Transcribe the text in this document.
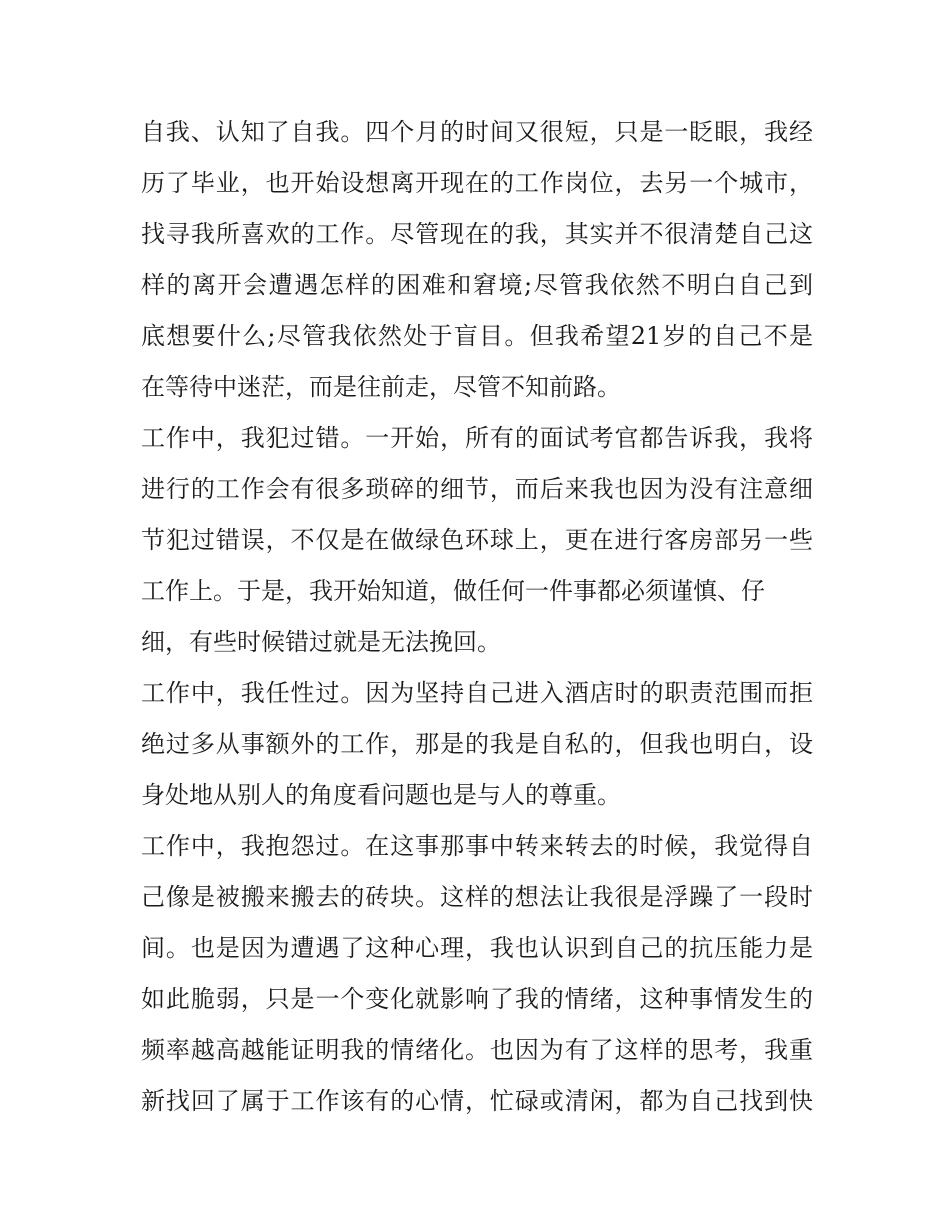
自我、认知了自我。四个月的时间又很短，只是一眨眼，我经
历了毕业，也开始设想离开现在的工作岗位，去另一个城市，
找寻我所喜欢的工作。尽管现在的我，其实并不很清楚自己这
样的离开会遭遇怎样的困难和窘境;尽管我依然不明白自己到
底想要什么;尽管我依然处于盲目。但我希望21岁的自己不是
在等待中迷茫，而是往前走，尽管不知前路。
工作中，我犯过错。一开始，所有的面试考官都告诉我，我将
进行的工作会有很多琐碎的细节，而后来我也因为没有注意细
节犯过错误，不仅是在做绿色环球上，更在进行客房部另一些
工作上。于是，我开始知道，做任何一件事都必须谨慎、仔
细，有些时候错过就是无法挽回。
工作中，我任性过。因为坚持自己进入酒店时的职责范围而拒
绝过多从事额外的工作，那是的我是自私的，但我也明白，设
身处地从别人的角度看问题也是与人的尊重。
工作中，我抱怨过。在这事那事中转来转去的时候，我觉得自
己像是被搬来搬去的砖块。这样的想法让我很是浮躁了一段时
间。也是因为遭遇了这种心理，我也认识到自己的抗压能力是
如此脆弱，只是一个变化就影响了我的情绪，这种事情发生的
频率越高越能证明我的情绪化。也因为有了这样的思考，我重
新找回了属于工作该有的心情，忙碌或清闲，都为自己找到快
